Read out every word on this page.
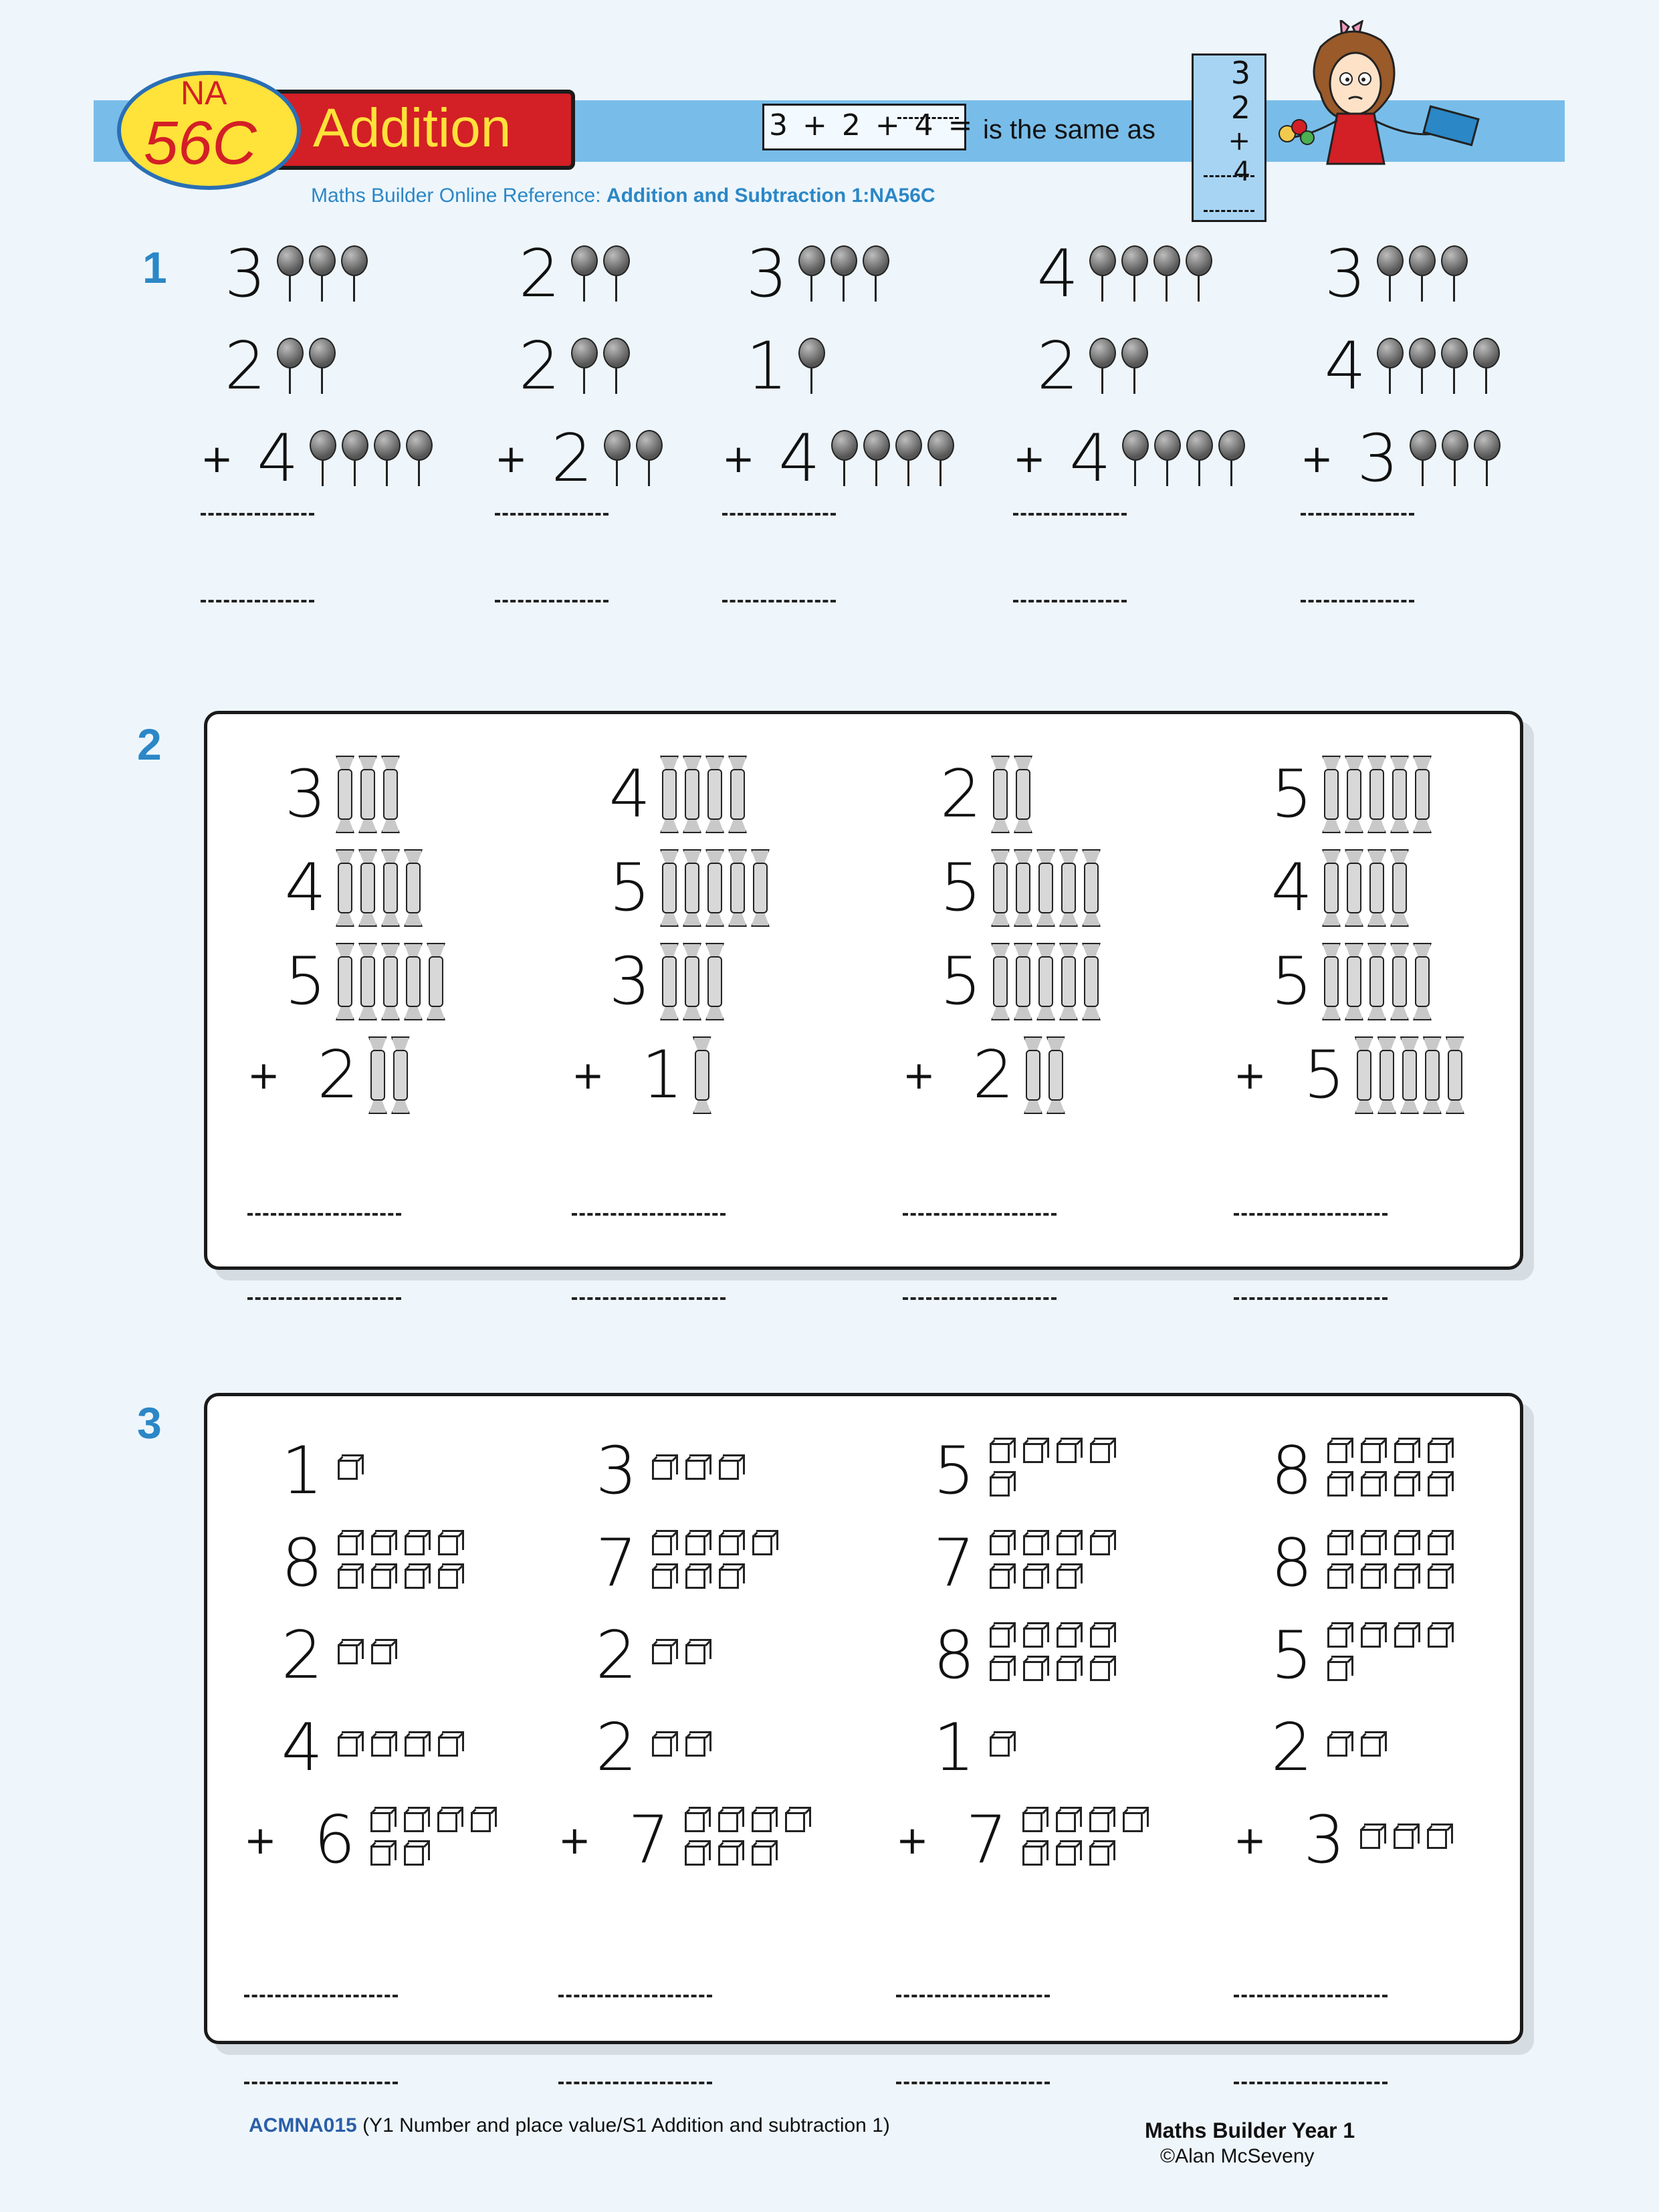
Addition
NA
56C
Maths Builder Online Reference: Addition and Subtraction 1:NA56C
3 + 2 + 4 = is the same as
3
2
+ 4
1 3
2
+ 4
2
2
+ 2
3
1
+ 4
4
2
+ 4
3
4
+ 3
2
3
4
5
+ 2
4
5
3
+ 1
2
5
5
+ 2
5
4
5
+ 5
3
1
8
2
4
+ 6
3
7
2
2
+ 7
5
7
8
1
+ 7
8
8
5
2
+ 3
ACMNA015 (Y1 Number and place value/S1 Addition and subtraction 1)	Maths Builder Year 1
©Alan McSeveny
